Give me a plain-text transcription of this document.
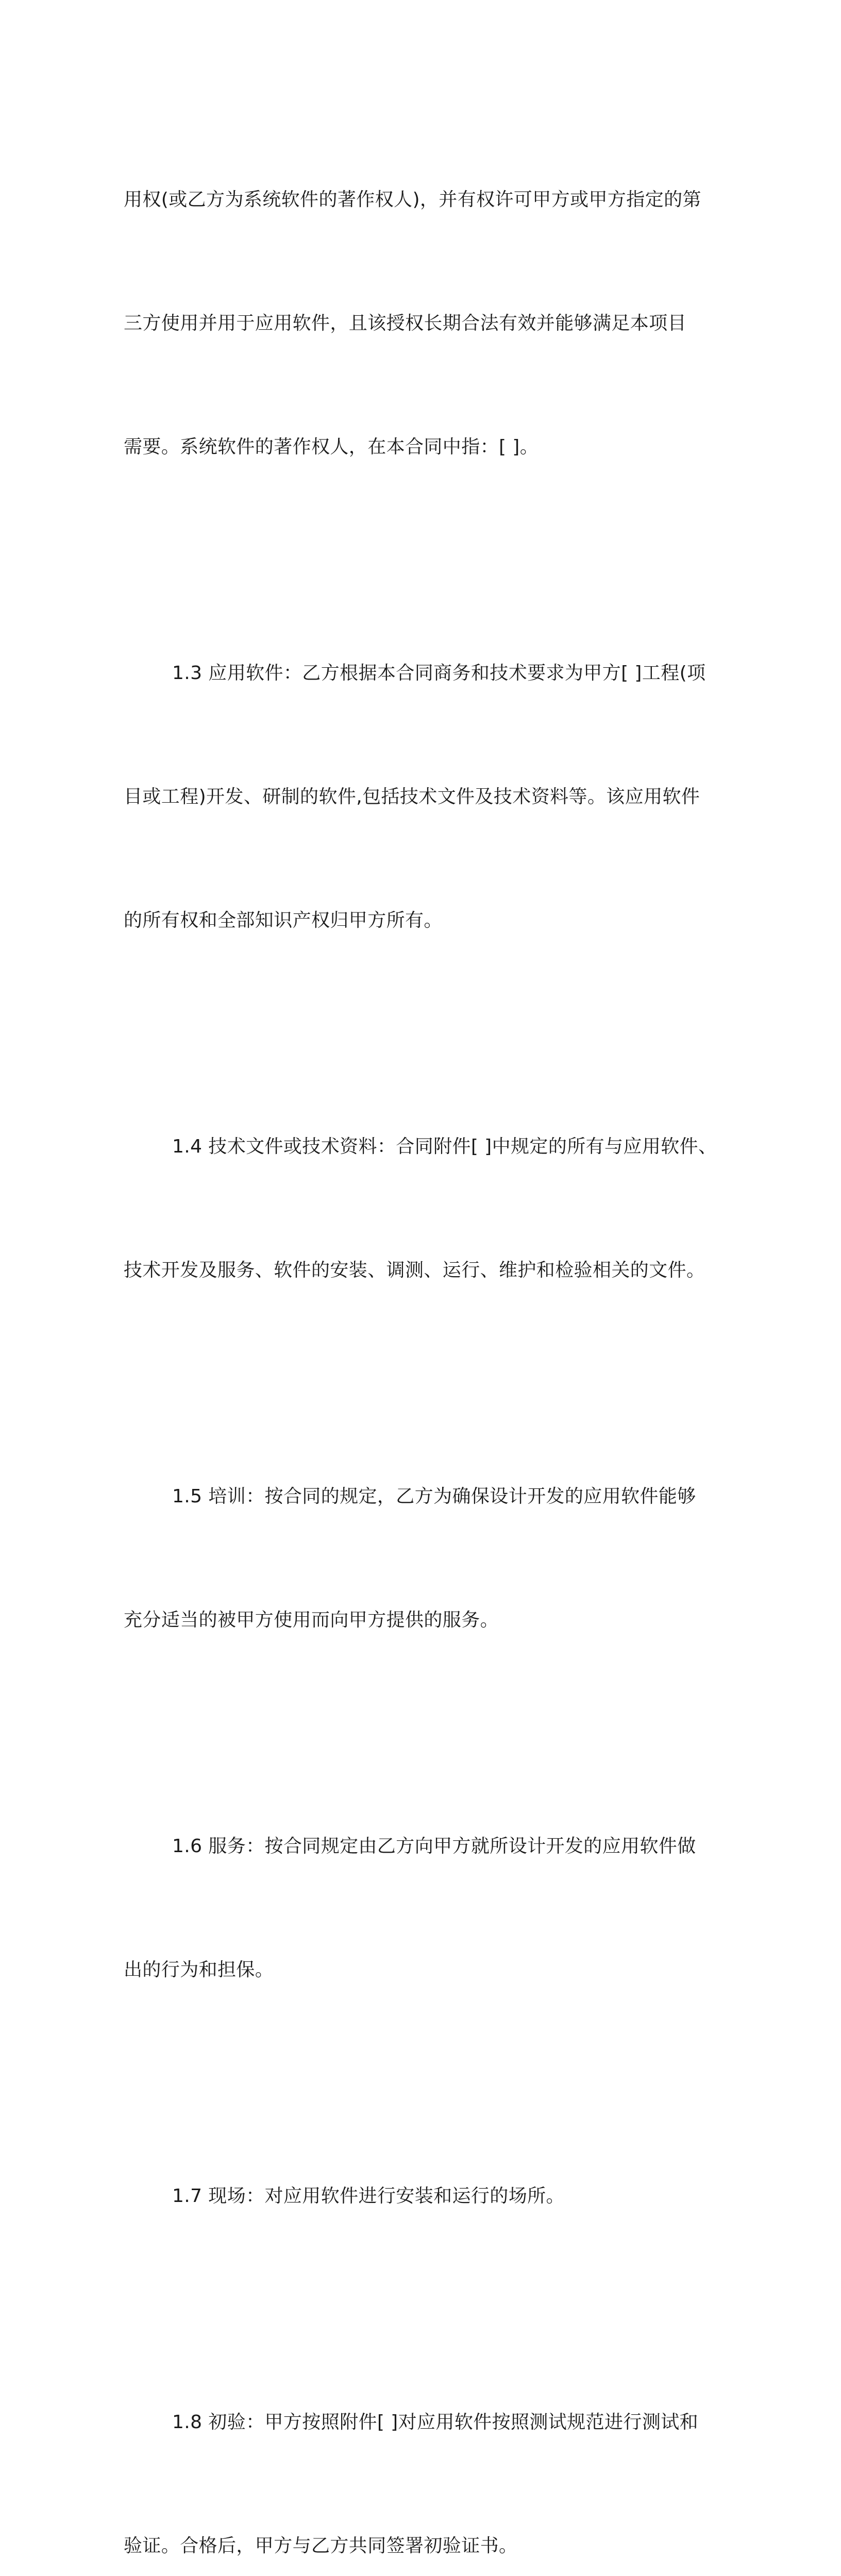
用权(或乙方为系统软件的著作权人)，并有权许可甲方或甲方指定的第

三方使用并用于应用软件，且该授权长期合法有效并能够满足本项目

需要。系统软件的著作权人，在本合同中指：[ ]。

1.3 应用软件：乙方根据本合同商务和技术要求为甲方[ ]工程(项

目或工程)开发、研制的软件,包括技术文件及技术资料等。该应用软件

的所有权和全部知识产权归甲方所有。

1.4 技术文件或技术资料：合同附件[ ]中规定的所有与应用软件、

技术开发及服务、软件的安装、调测、运行、维护和检验相关的文件。

1.5 培训：按合同的规定，乙方为确保设计开发的应用软件能够

充分适当的被甲方使用而向甲方提供的服务。

1.6 服务：按合同规定由乙方向甲方就所设计开发的应用软件做

出的行为和担保。

1.7 现场：对应用软件进行安装和运行的场所。

1.8 初验：甲方按照附件[ ]对应用软件按照测试规范进行测试和

验证。合格后，甲方与乙方共同签署初验证书。
